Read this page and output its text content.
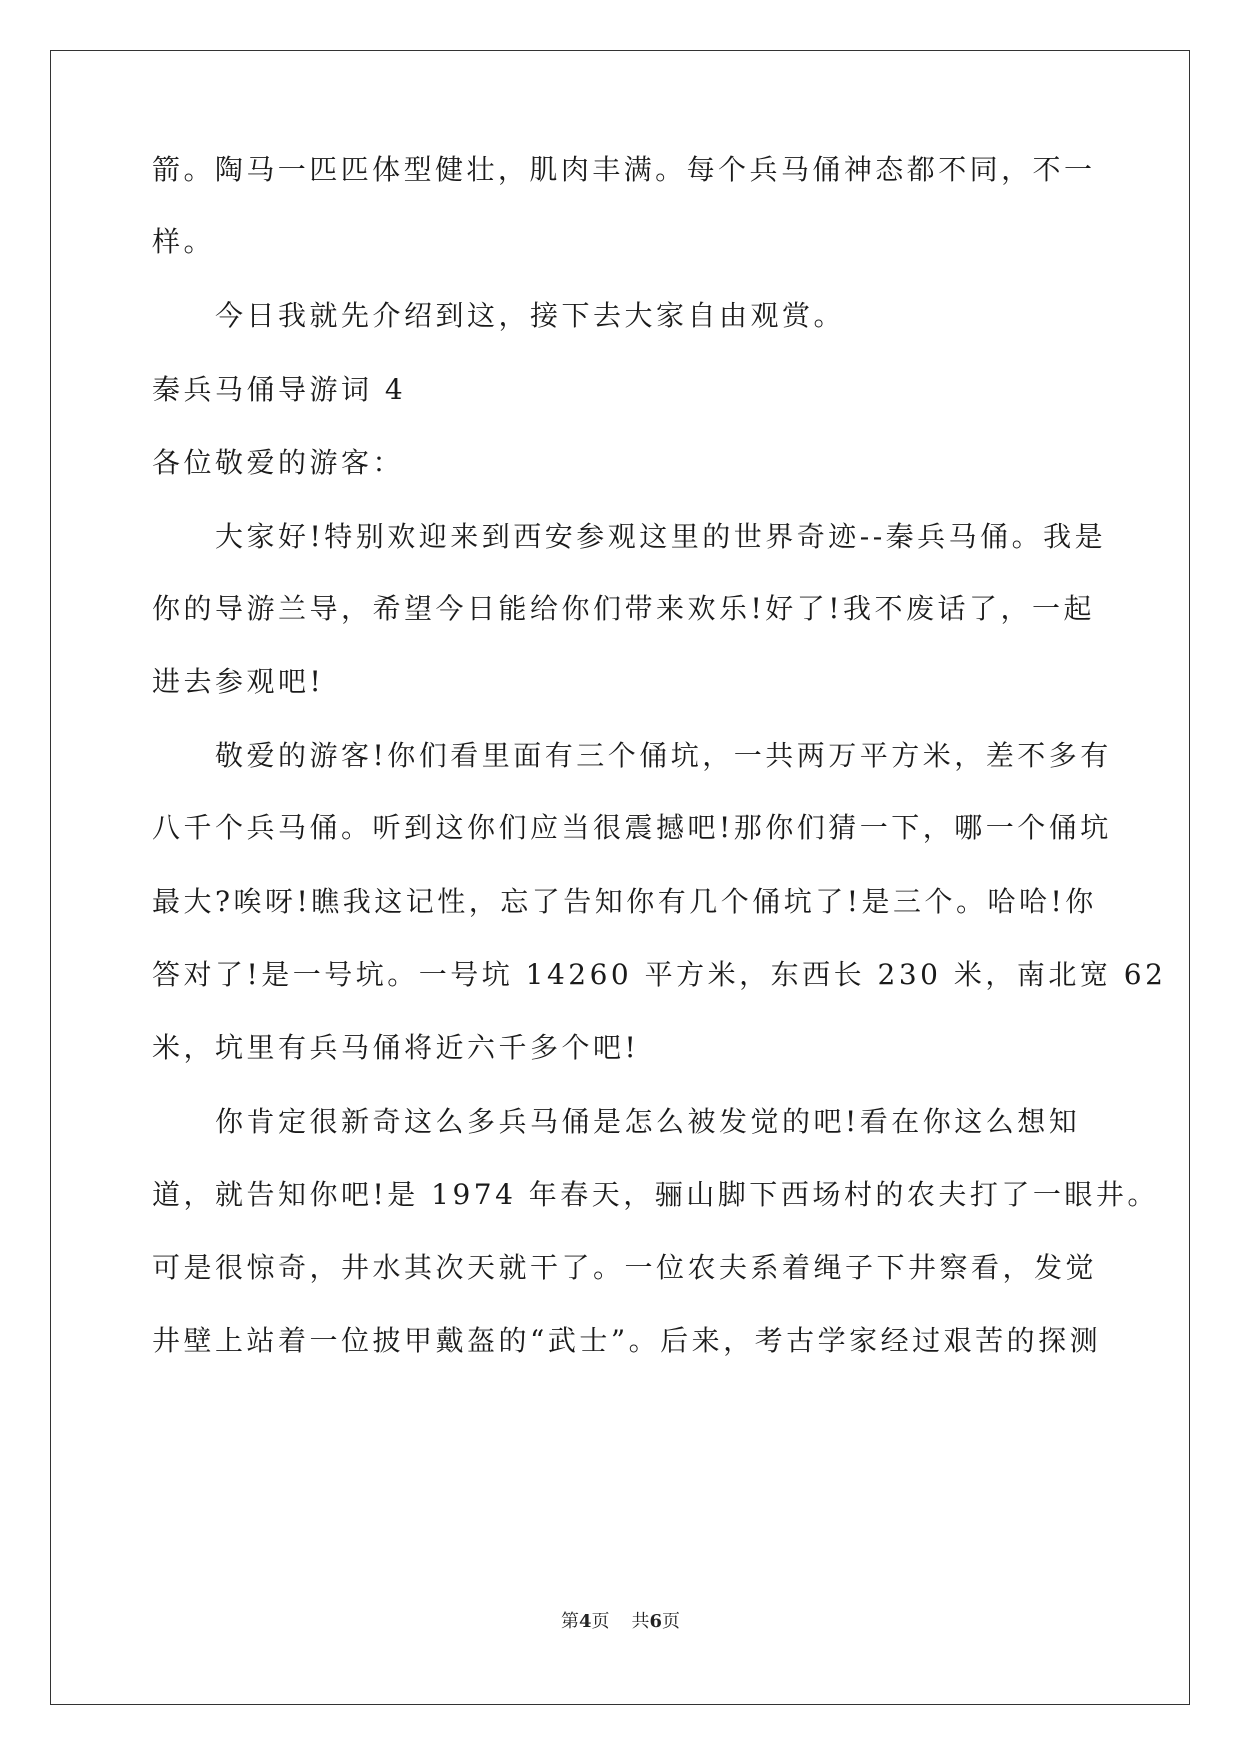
箭。陶马一匹匹体型健壮，肌肉丰满。每个兵马俑神态都不同，不一
样。
今日我就先介绍到这，接下去大家自由观赏。
秦兵马俑导游词 4
各位敬爱的游客：
大家好!特别欢迎来到西安参观这里的世界奇迹--秦兵马俑。我是
你的导游兰导，希望今日能给你们带来欢乐!好了!我不废话了，一起
进去参观吧!
敬爱的游客!你们看里面有三个俑坑，一共两万平方米，差不多有
八千个兵马俑。听到这你们应当很震撼吧!那你们猜一下，哪一个俑坑
最大?唉呀!瞧我这记性，忘了告知你有几个俑坑了!是三个。哈哈!你
答对了!是一号坑。一号坑 14260 平方米，东西长 230 米，南北宽 62
米，坑里有兵马俑将近六千多个吧!
你肯定很新奇这么多兵马俑是怎么被发觉的吧!看在你这么想知
道，就告知你吧!是 1974 年春天，骊山脚下西场村的农夫打了一眼井。
可是很惊奇，井水其次天就干了。一位农夫系着绳子下井察看，发觉
井壁上站着一位披甲戴盔的“武士”。后来，考古学家经过艰苦的探测
第4页 共6页
